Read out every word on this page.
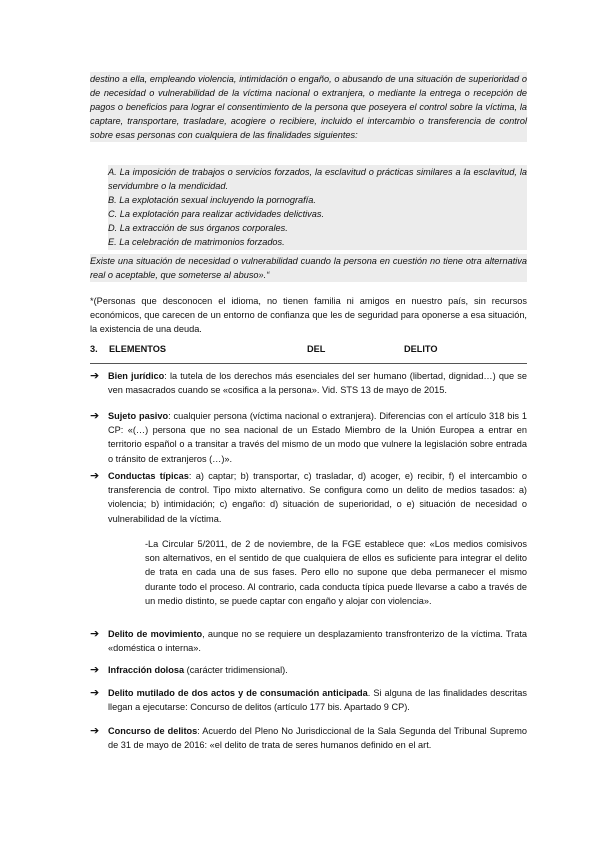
destino a ella, empleando violencia, intimidación o engaño, o abusando de una situación de superioridad o de necesidad o vulnerabilidad de la víctima nacional o extranjera, o mediante la entrega o recepción de pagos o beneficios para lograr el consentimiento de la persona que poseyera el control sobre la víctima, la captare, transportare, trasladare, acogiere o recibiere, incluido el intercambio o transferencia de control sobre esas personas con cualquiera de las finalidades siguientes:
A. La imposición de trabajos o servicios forzados, la esclavitud o prácticas similares a la esclavitud, la servidumbre o la mendicidad.
B. La explotación sexual incluyendo la pornografía.
C. La explotación para realizar actividades delictivas.
D. La extracción de sus órganos corporales.
E. La celebración de matrimonios forzados.
Existe una situación de necesidad o vulnerabilidad cuando la persona en cuestión no tiene otra alternativa real o aceptable, que someterse al abuso».“
*(Personas que desconocen el idioma, no tienen familia ni amigos en nuestro país, sin recursos económicos, que carecen de un entorno de confianza que les de seguridad para oponerse a esa situación, la existencia de una deuda.
3. ELEMENTOS	DEL	DELITO
➔ Bien jurídico: la tutela de los derechos más esenciales del ser humano (libertad, dignidad…) que se ven masacrados cuando se «cosifica a la persona». Vid. STS 13 de mayo de 2015.
➔ Sujeto pasivo: cualquier persona (víctima nacional o extranjera). Diferencias con el artículo 318 bis 1 CP: «(…) persona que no sea nacional de un Estado Miembro de la Unión Europea a entrar en territorio español o a transitar a través del mismo de un modo que vulnere la legislación sobre entrada o tránsito de extranjeros (…)».
➔ Conductas típicas: a) captar; b) transportar, c) trasladar, d) acoger, e) recibir, f) el intercambio o transferencia de control. Tipo mixto alternativo. Se configura como un delito de medios tasados: a) violencia; b) intimidación; c) engaño: d) situación de superioridad, o e) situación de necesidad o vulnerabilidad de la víctima.
-La Circular 5/2011, de 2 de noviembre, de la FGE establece que: «Los medios comisivos son alternativos, en el sentido de que cualquiera de ellos es suficiente para integrar el delito de trata en cada una de sus fases. Pero ello no supone que deba permanecer el mismo durante todo el proceso. Al contrario, cada conducta típica puede llevarse a cabo a través de un medio distinto, se puede captar con engaño y alojar con violencia».
➔ Delito de movimiento, aunque no se requiere un desplazamiento transfronterizo de la víctima. Trata «doméstica o interna».
➔ Infracción dolosa (carácter tridimensional).
➔ Delito mutilado de dos actos y de consumación anticipada. Si alguna de las finalidades descritas llegan a ejecutarse: Concurso de delitos (artículo 177 bis. Apartado 9 CP).
➔ Concurso de delitos: Acuerdo del Pleno No Jurisdiccional de la Sala Segunda del Tribunal Supremo de 31 de mayo de 2016: «el delito de trata de seres humanos definido en el art.
